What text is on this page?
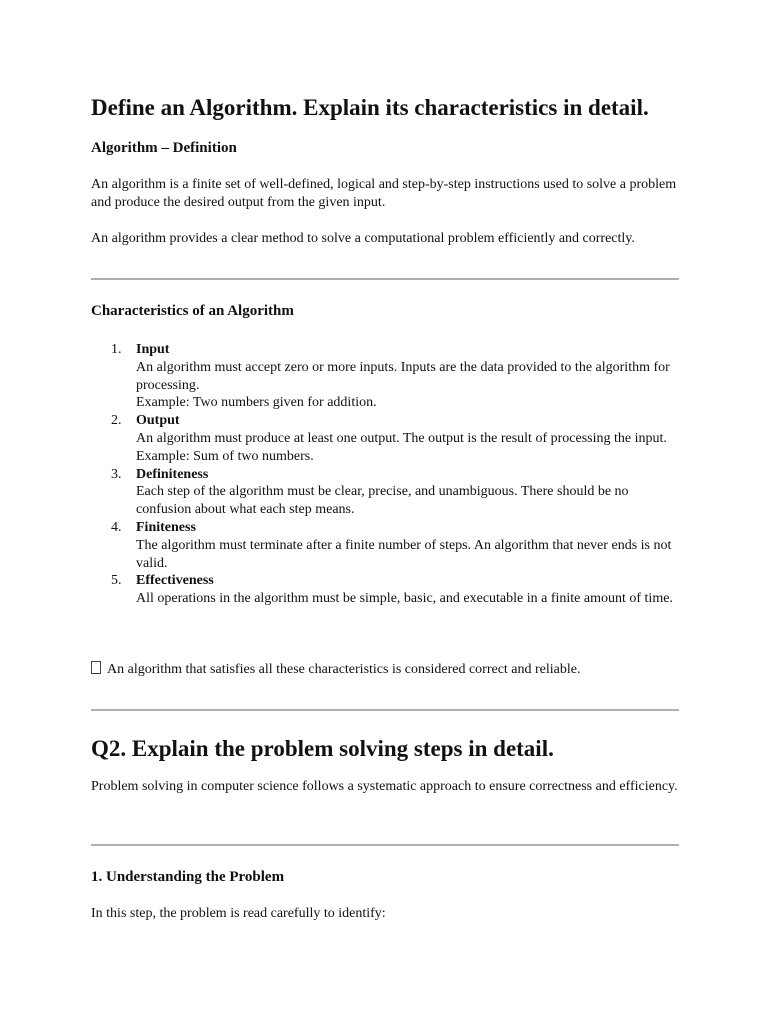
Define an Algorithm. Explain its characteristics in detail.
Algorithm – Definition

An algorithm is a finite set of well-defined, logical and step-by-step instructions used to solve a problem and produce the desired output from the given input.

An algorithm provides a clear method to solve a computational problem efficiently and correctly.

Characteristics of an Algorithm
1. Input
An algorithm must accept zero or more inputs. Inputs are the data provided to the algorithm for processing.
Example: Two numbers given for addition.
2. Output
An algorithm must produce at least one output. The output is the result of processing the input.
Example: Sum of two numbers.
3. Definiteness
Each step of the algorithm must be clear, precise, and unambiguous. There should be no confusion about what each step means.
4. Finiteness
The algorithm must terminate after a finite number of steps. An algorithm that never ends is not valid.
5. Effectiveness
All operations in the algorithm must be simple, basic, and executable in a finite amount of time.

An algorithm that satisfies all these characteristics is considered correct and reliable.

Q2. Explain the problem solving steps in detail.

Problem solving in computer science follows a systematic approach to ensure correctness and efficiency.

1. Understanding the Problem

In this step, the problem is read carefully to identify:
